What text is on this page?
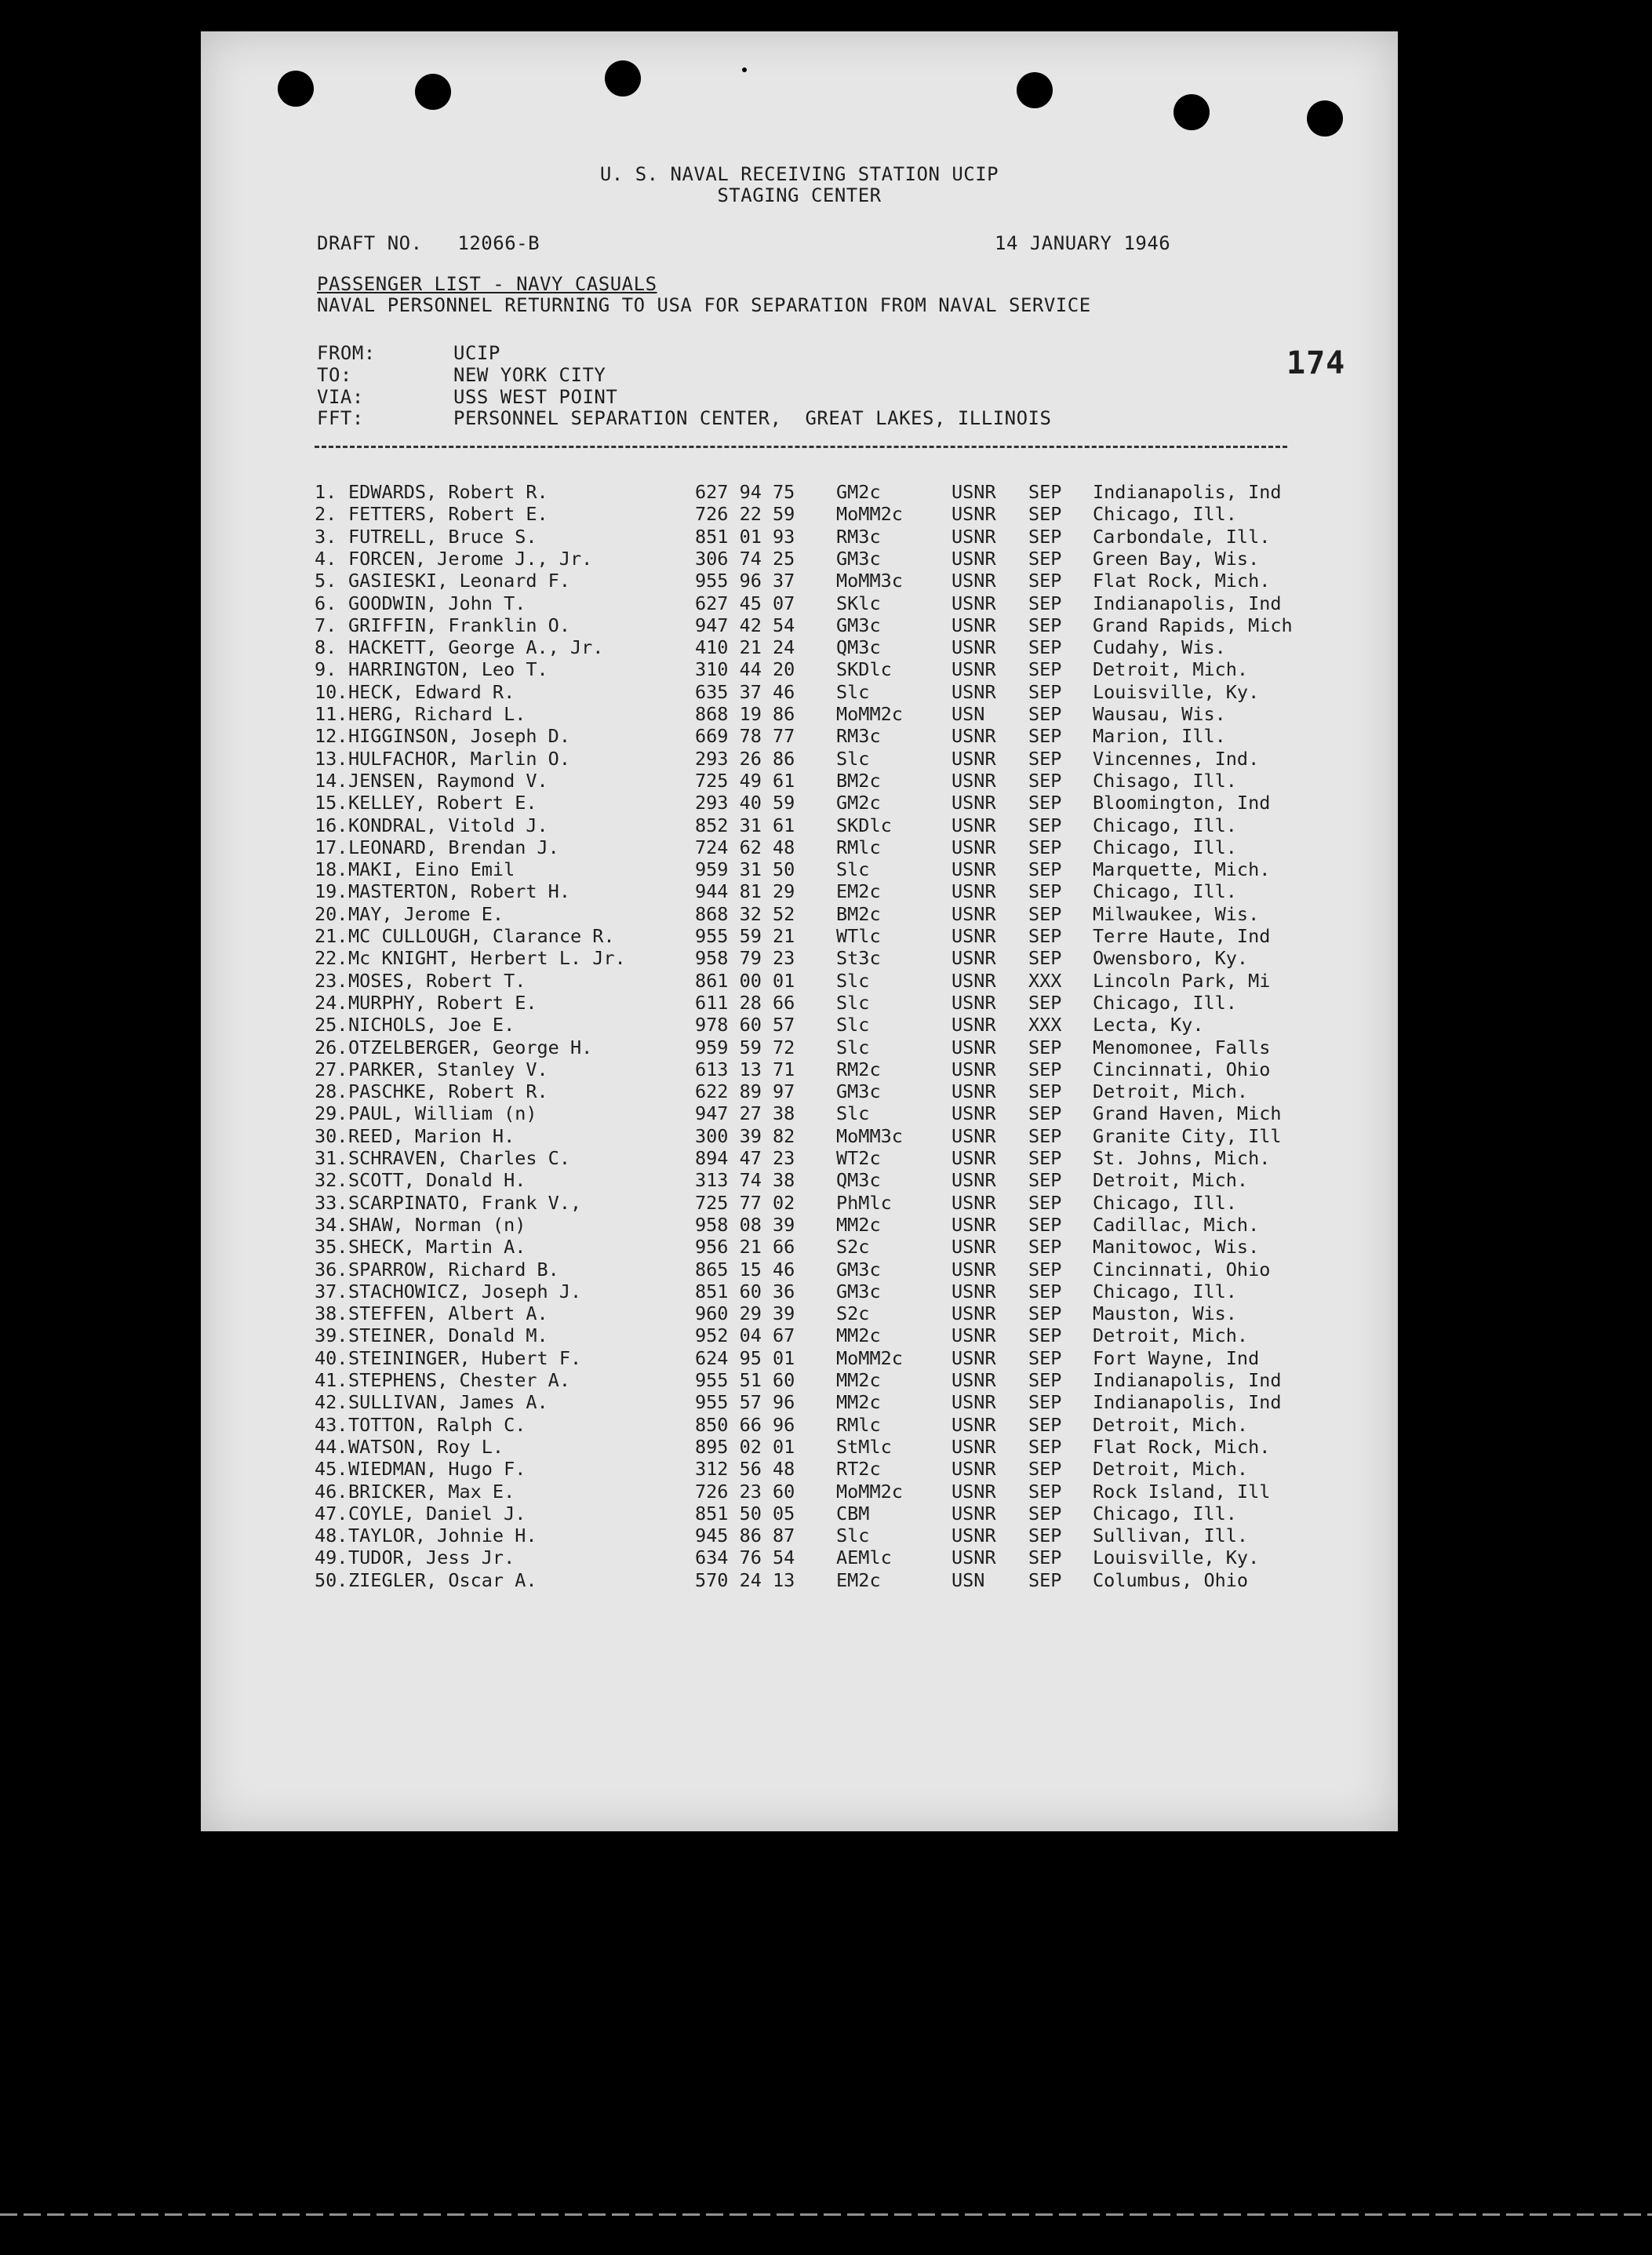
U. S. NAVAL RECEIVING STATION UCIP
STAGING CENTER
DRAFT NO.   12066-B	14 JANUARY 1946
PASSENGER LIST - NAVY CASUALS
NAVAL PERSONNEL RETURNING TO USA FOR SEPARATION FROM NAVAL SERVICE
174
FROM:	UCIP
TO:	NEW YORK CITY
VIA:	USS WEST POINT
FFT:	PERSONNEL SEPARATION CENTER,  GREAT LAKES, ILLINOIS
1. EDWARDS, Robert R.	627 94 75 GM2c	USNR SEP Indianapolis, Ind
2. FETTERS, Robert E.	726 22 59 MoMM2c	USNR SEP Chicago, Ill.
3. FUTRELL, Bruce S.	851 01 93 RM3c	USNR SEP Carbondale, Ill.
4. FORCEN, Jerome J., Jr.	306 74 25 GM3c	USNR SEP Green Bay, Wis.
5. GASIESKI, Leonard F.	955 96 37 MoMM3c	USNR SEP Flat Rock, Mich.
6. GOODWIN, John T.	627 45 07 SKlc	USNR SEP Indianapolis, Ind
7. GRIFFIN, Franklin O.	947 42 54 GM3c	USNR SEP Grand Rapids, Mich
8. HACKETT, George A., Jr.	410 21 24 QM3c	USNR SEP Cudahy, Wis.
9. HARRINGTON, Leo T.	310 44 20 SKDlc	USNR SEP Detroit, Mich.
10. HECK, Edward R.	635 37 46 Slc	USNR SEP Louisville, Ky.
11. HERG, Richard L.	868 19 86 MoMM2c	USN SEP Wausau, Wis.
12. HIGGINSON, Joseph D.	669 78 77 RM3c	USNR SEP Marion, Ill.
13. HULFACHOR, Marlin O.	293 26 86 Slc	USNR SEP Vincennes, Ind.
14. JENSEN, Raymond V.	725 49 61 BM2c	USNR SEP Chisago, Ill.
15. KELLEY, Robert E.	293 40 59 GM2c	USNR SEP Bloomington, Ind
16. KONDRAL, Vitold J.	852 31 61 SKDlc	USNR SEP Chicago, Ill.
17. LEONARD, Brendan J.	724 62 48 RMlc	USNR SEP Chicago, Ill.
18. MAKI, Eino Emil	959 31 50 Slc	USNR SEP Marquette, Mich.
19. MASTERTON, Robert H.	944 81 29 EM2c	USNR SEP Chicago, Ill.
20. MAY, Jerome E.	868 32 52 BM2c	USNR SEP Milwaukee, Wis.
21. MC CULLOUGH, Clarance R.	955 59 21 WTlc	USNR SEP Terre Haute, Ind
22. Mc KNIGHT, Herbert L. Jr.	958 79 23 St3c	USNR SEP Owensboro, Ky.
23. MOSES, Robert T.	861 00 01 Slc	USNR XXX Lincoln Park, Mi
24. MURPHY, Robert E.	611 28 66 Slc	USNR SEP Chicago, Ill.
25. NICHOLS, Joe E.	978 60 57 Slc	USNR XXX Lecta, Ky.
26. OTZELBERGER, George H.	959 59 72 Slc	USNR SEP Menomonee, Falls
27. PARKER, Stanley V.	613 13 71 RM2c	USNR SEP Cincinnati, Ohio
28. PASCHKE, Robert R.	622 89 97 GM3c	USNR SEP Detroit, Mich.
29. PAUL, William (n)	947 27 38 Slc	USNR SEP Grand Haven, Mich
30. REED, Marion H.	300 39 82 MoMM3c	USNR SEP Granite City, Ill
31. SCHRAVEN, Charles C.	894 47 23 WT2c	USNR SEP St. Johns, Mich.
32. SCOTT, Donald H.	313 74 38 QM3c	USNR SEP Detroit, Mich.
33. SCARPINATO, Frank V.,	725 77 02 PhMlc	USNR SEP Chicago, Ill.
34. SHAW, Norman (n)	958 08 39 MM2c	USNR SEP Cadillac, Mich.
35. SHECK, Martin A.	956 21 66 S2c	USNR SEP Manitowoc, Wis.
36. SPARROW, Richard B.	865 15 46 GM3c	USNR SEP Cincinnati, Ohio
37. STACHOWICZ, Joseph J.	851 60 36 GM3c	USNR SEP Chicago, Ill.
38. STEFFEN, Albert A.	960 29 39 S2c	USNR SEP Mauston, Wis.
39. STEINER, Donald M.	952 04 67 MM2c	USNR SEP Detroit, Mich.
40. STEININGER, Hubert F.	624 95 01 MoMM2c	USNR SEP Fort Wayne, Ind
41. STEPHENS, Chester A.	955 51 60 MM2c	USNR SEP Indianapolis, Ind
42. SULLIVAN, James A.	955 57 96 MM2c	USNR SEP Indianapolis, Ind
43. TOTTON, Ralph C.	850 66 96 RMlc	USNR SEP Detroit, Mich.
44. WATSON, Roy L.	895 02 01 StMlc	USNR SEP Flat Rock, Mich.
45. WIEDMAN, Hugo F.	312 56 48 RT2c	USNR SEP Detroit, Mich.
46. BRICKER, Max E.	726 23 60 MoMM2c	USNR SEP Rock Island, Ill
47. COYLE, Daniel J.	851 50 05 CBM	USNR SEP Chicago, Ill.
48. TAYLOR, Johnie H.	945 86 87 Slc	USNR SEP Sullivan, Ill.
49. TUDOR, Jess Jr.	634 76 54 AEMlc	USNR SEP Louisville, Ky.
50. ZIEGLER, Oscar A.	570 24 13 EM2c	USN SEP Columbus, Ohio
